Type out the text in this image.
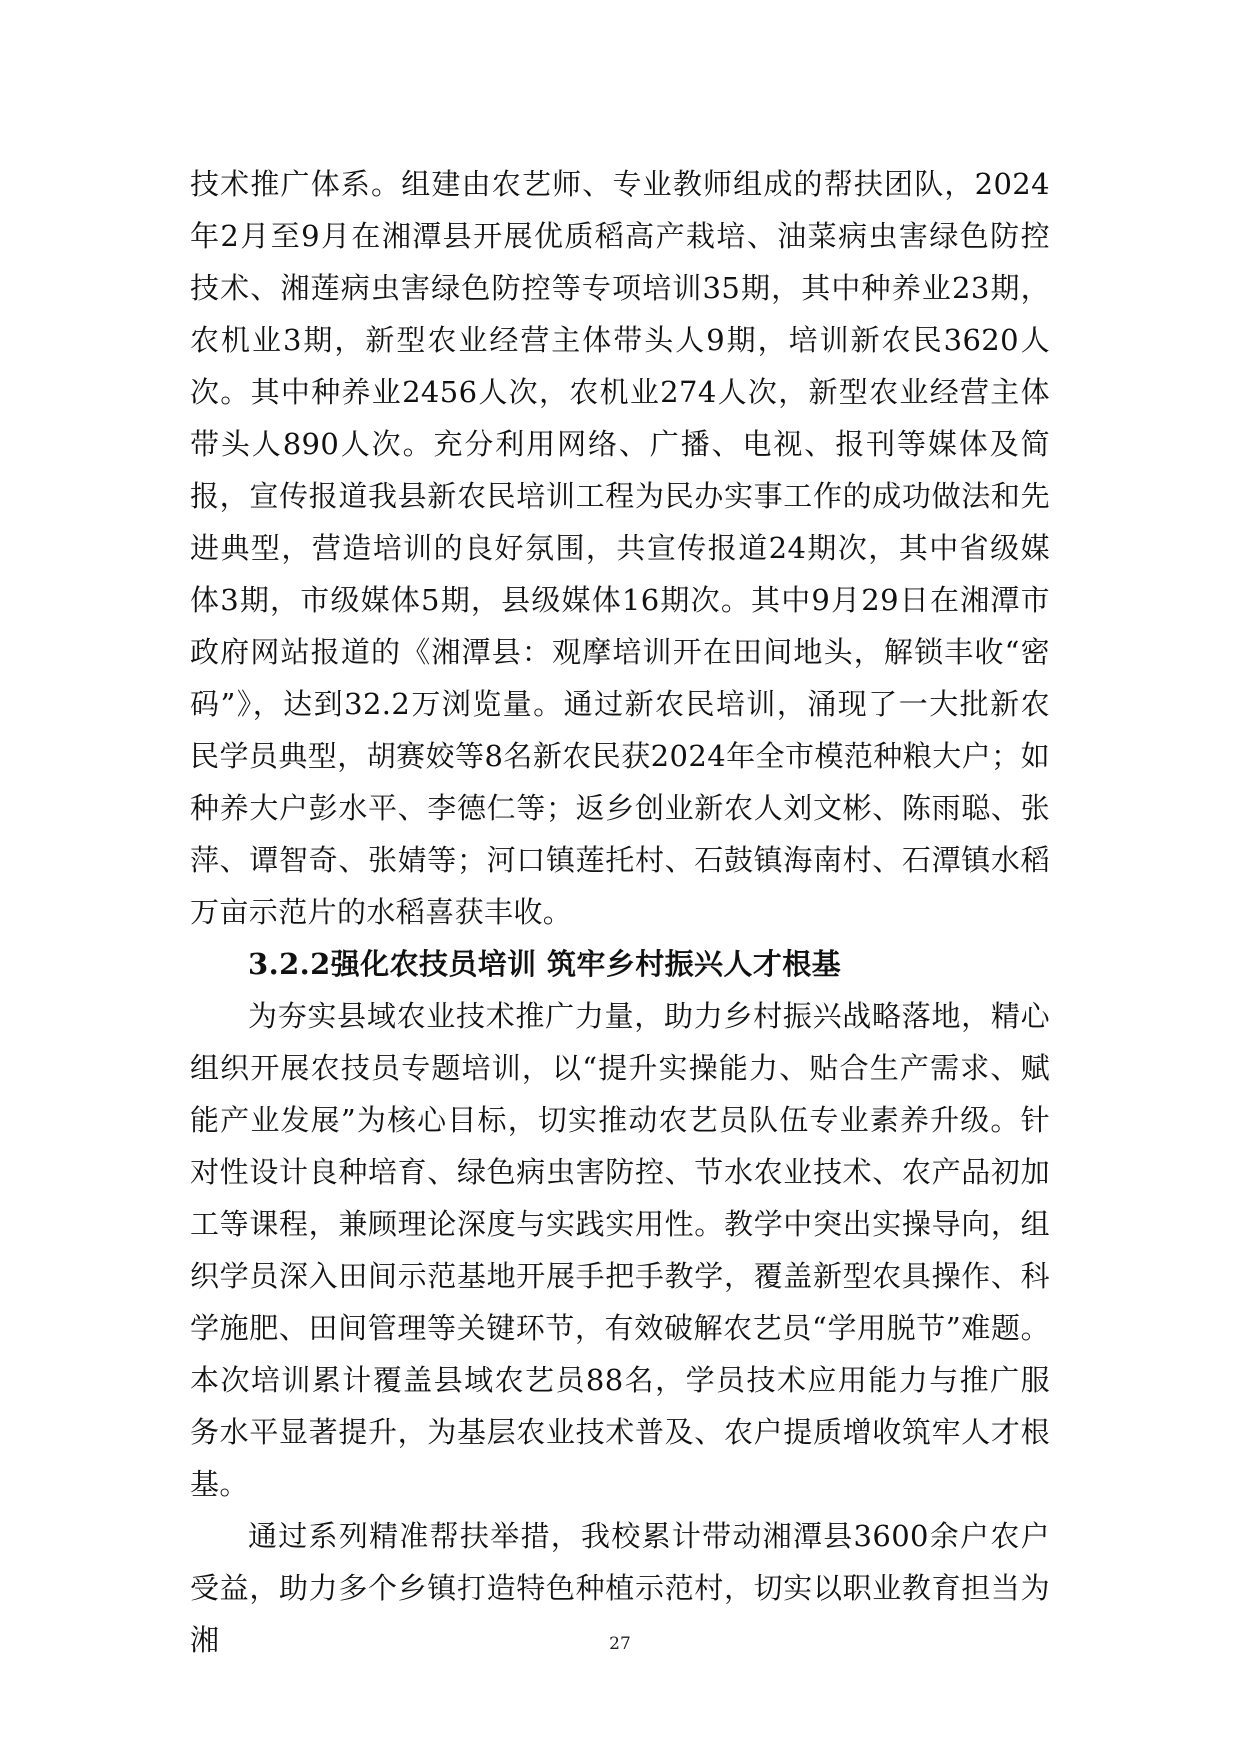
技术推广体系。组建由农艺师、专业教师组成的帮扶团队，2024年2月至9月在湘潭县开展优质稻高产栽培、油菜病虫害绿色防控技术、湘莲病虫害绿色防控等专项培训35期，其中种养业23期，农机业3期，新型农业经营主体带头人9期，培训新农民3620人次。其中种养业2456人次，农机业274人次，新型农业经营主体带头人890人次。充分利用网络、广播、电视、报刊等媒体及简报，宣传报道我县新农民培训工程为民办实事工作的成功做法和先进典型，营造培训的良好氛围，共宣传报道24期次，其中省级媒体3期，市级媒体5期，县级媒体16期次。其中9月29日在湘潭市政府网站报道的《湘潭县：观摩培训开在田间地头，解锁丰收“密码”》，达到32.2万浏览量。通过新农民培训，涌现了一大批新农民学员典型，胡赛姣等8名新农民获2024年全市模范种粮大户；如种养大户彭水平、李德仁等；返乡创业新农人刘文彬、陈雨聪、张萍、谭智奇、张婧等；河口镇莲托村、石鼓镇海南村、石潭镇水稻万亩示范片的水稻喜获丰收。

3.2.2强化农技员培训 筑牢乡村振兴人才根基

为夯实县域农业技术推广力量，助力乡村振兴战略落地，精心组织开展农技员专题培训，以“提升实操能力、贴合生产需求、赋能产业发展”为核心目标，切实推动农艺员队伍专业素养升级。针对性设计良种培育、绿色病虫害防控、节水农业技术、农产品初加工等课程，兼顾理论深度与实践实用性。教学中突出实操导向，组织学员深入田间示范基地开展手把手教学，覆盖新型农具操作、科学施肥、田间管理等关键环节，有效破解农艺员“学用脱节”难题。本次培训累计覆盖县域农艺员88名，学员技术应用能力与推广服务水平显著提升，为基层农业技术普及、农户提质增收筑牢人才根基。

通过系列精准帮扶举措，我校累计带动湘潭县3600余户农户受益，助力多个乡镇打造特色种植示范村，切实以职业教育担当为湘	27
